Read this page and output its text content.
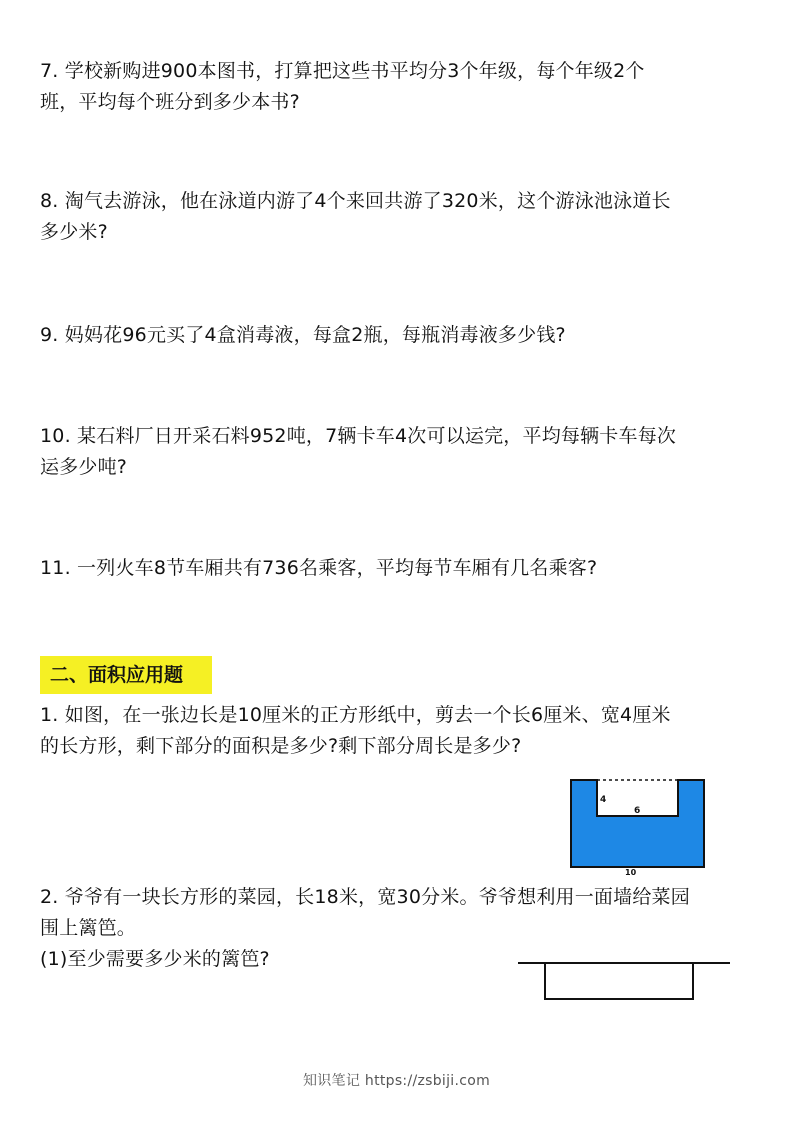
7. 学校新购进900本图书，打算把这些书平均分3个年级，每个年级2个
班，平均每个班分到多少本书?
8. 淘气去游泳，他在泳道内游了4个来回共游了320米，这个游泳池泳道长
多少米?
9. 妈妈花96元买了4盒消毒液，每盒2瓶，每瓶消毒液多少钱?
10. 某石料厂日开采石料952吨，7辆卡车4次可以运完，平均每辆卡车每次
运多少吨?
11. 一列火车8节车厢共有736名乘客，平均每节车厢有几名乘客?
二、面积应用题
1. 如图，在一张边长是10厘米的正方形纸中，剪去一个长6厘米、宽4厘米
的长方形，剩下部分的面积是多少?剩下部分周长是多少?
4
6
10
2. 爷爷有一块长方形的菜园，长18米，宽30分米。爷爷想利用一面墙给菜园
围上篱笆。
(1)至少需要多少米的篱笆?
知识笔记 https://zsbiji.com
